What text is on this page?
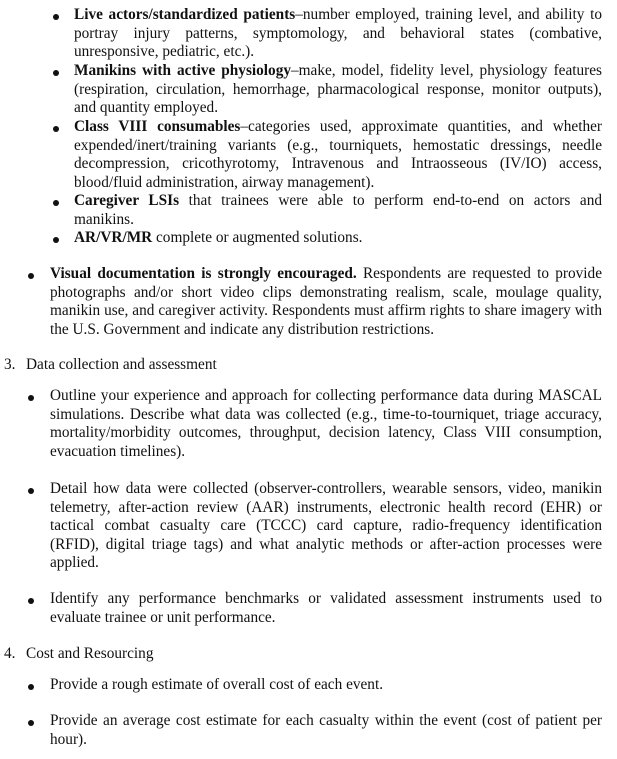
Live actors/standardized patients–number employed, training level, and ability to portray injury patterns, symptomology, and behavioral states (combative, unresponsive, pediatric, etc.).

Manikins with active physiology–make, model, fidelity level, physiology features (respiration, circulation, hemorrhage, pharmacological response, monitor outputs), and quantity employed.

Class VIII consumables–categories used, approximate quantities, and whether expended/inert/training variants (e.g., tourniquets, hemostatic dressings, needle decompression, cricothyrotomy, Intravenous and Intraosseous (IV/IO) access, blood/fluid administration, airway management).

Caregiver LSIs that trainees were able to perform end-to-end on actors and manikins.

AR/VR/MR complete or augmented solutions.

Visual documentation is strongly encouraged. Respondents are requested to provide photographs and/or short video clips demonstrating realism, scale, moulage quality, manikin use, and caregiver activity. Respondents must affirm rights to share imagery with the U.S. Government and indicate any distribution restrictions.

3. Data collection and assessment

Outline your experience and approach for collecting performance data during MASCAL simulations. Describe what data was collected (e.g., time-to-tourniquet, triage accuracy, mortality/morbidity outcomes, throughput, decision latency, Class VIII consumption, evacuation timelines).

Detail how data were collected (observer-controllers, wearable sensors, video, manikin telemetry, after-action review (AAR) instruments, electronic health record (EHR) or tactical combat casualty care (TCCC) card capture, radio-frequency identification (RFID), digital triage tags) and what analytic methods or after-action processes were applied.

Identify any performance benchmarks or validated assessment instruments used to evaluate trainee or unit performance.

4. Cost and Resourcing

Provide a rough estimate of overall cost of each event.

Provide an average cost estimate for each casualty within the event (cost of patient per hour).
